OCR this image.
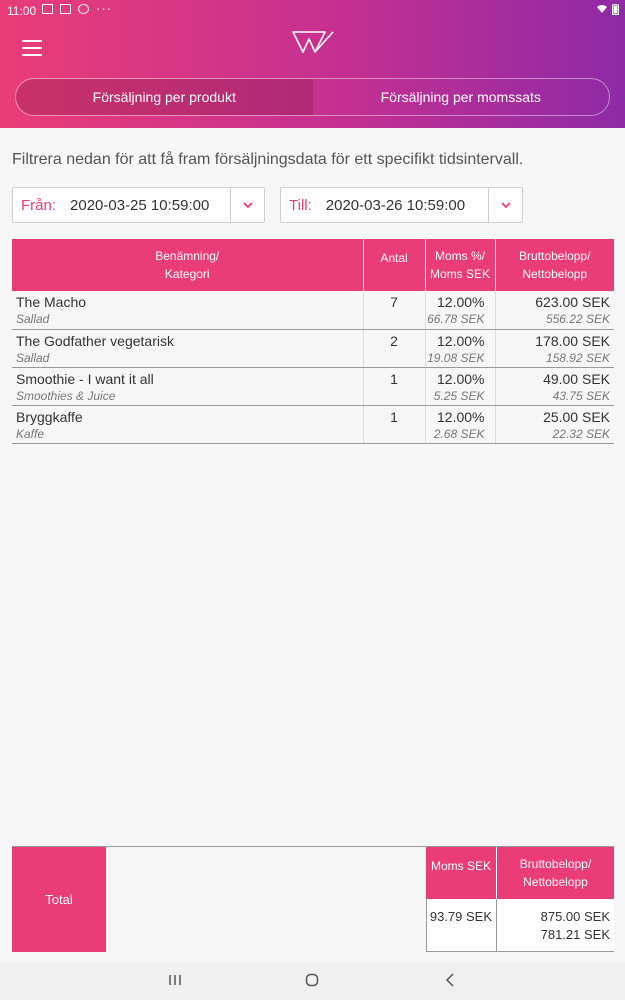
11:00	···
Försäljning per produkt	Försäljning per momssats
Filtrera nedan för att få fram försäljningsdata för ett specifikt tidsintervall.
Från: 2020-03-25 10:59:00	Till: 2020-03-26 10:59:00
Benämning/
Kategori	Antal	Moms %/
Moms SEK	Bruttobelopp/
Nettobelopp
The Macho
Sallad	7	12.00%
66.78 SEK	623.00 SEK
556.22 SEK

The Godfather vegetarisk
Sallad	2	12.00%
19.08 SEK	178.00 SEK
158.92 SEK

Smoothie - I want it all
Smoothies & Juice	1	12.00%
5.25 SEK	49.00 SEK
43.75 SEK

Bryggkaffe
Kaffe	1	12.00%
2.68 SEK	25.00 SEK
22.32 SEK
Total
Moms SEK	Bruttobelopp/
Nettobelopp
93.79 SEK	875.00 SEK
781.21 SEK
